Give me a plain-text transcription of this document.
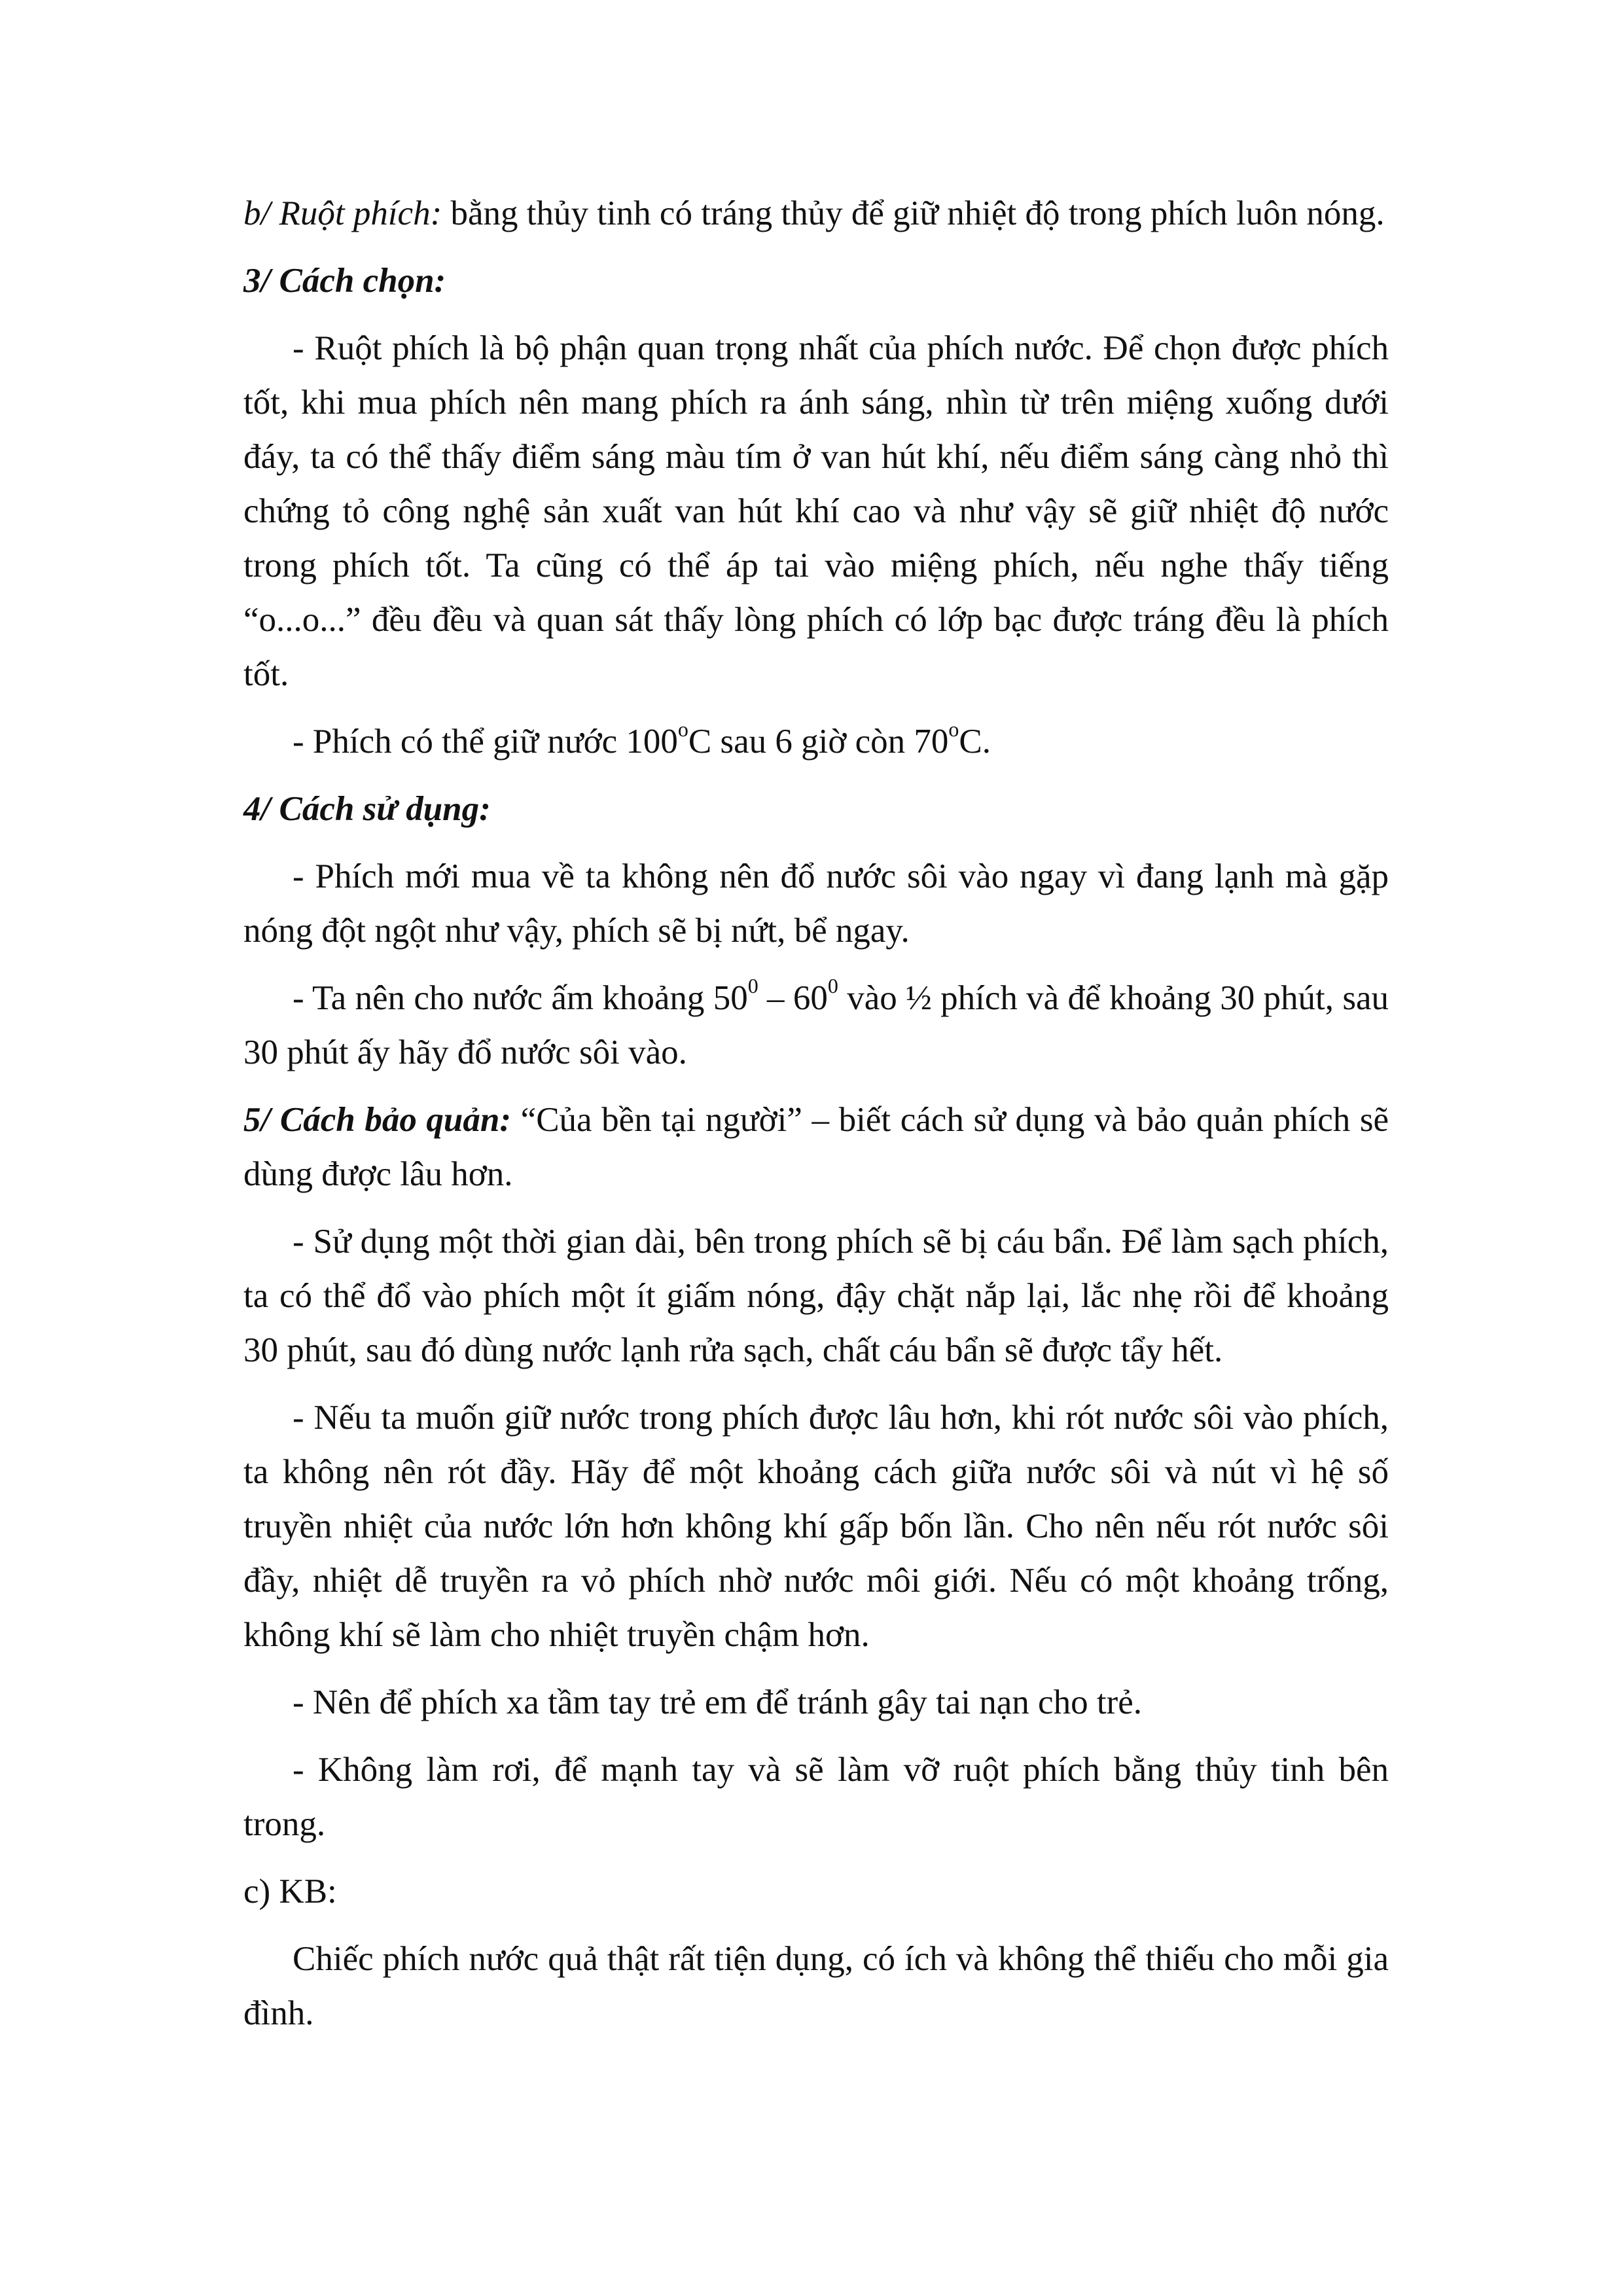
b/ Ruột phích: bằng thủy tinh có tráng thủy để giữ nhiệt độ trong phích luôn nóng.

3/ Cách chọn:

- Ruột phích là bộ phận quan trọng nhất của phích nước. Để chọn được phích tốt, khi mua phích nên mang phích ra ánh sáng, nhìn từ trên miệng xuống dưới đáy, ta có thể thấy điểm sáng màu tím ở van hút khí, nếu điểm sáng càng nhỏ thì chứng tỏ công nghệ sản xuất van hút khí cao và như vậy sẽ giữ nhiệt độ nước trong phích tốt. Ta cũng có thể áp tai vào miệng phích, nếu nghe thấy tiếng “o...o...” đều đều và quan sát thấy lòng phích có lớp bạc được tráng đều là phích tốt.

- Phích có thể giữ nước 100$^o$C sau 6 giờ còn 70$^o$C.

4/ Cách sử dụng:

- Phích mới mua về ta không nên đổ nước sôi vào ngay vì đang lạnh mà gặp nóng đột ngột như vậy, phích sẽ bị nứt, bể ngay.

- Ta nên cho nước ấm khoảng $50^0 - 60^0$ vào ½ phích và để khoảng 30 phút, sau 30 phút ấy hãy đổ nước sôi vào.

5/ Cách bảo quản: “Của bền tại người” – biết cách sử dụng và bảo quản phích sẽ dùng được lâu hơn.

- Sử dụng một thời gian dài, bên trong phích sẽ bị cáu bẩn. Để làm sạch phích, ta có thể đổ vào phích một ít giấm nóng, đậy chặt nắp lại, lắc nhẹ rồi để khoảng 30 phút, sau đó dùng nước lạnh rửa sạch, chất cáu bẩn sẽ được tẩy hết.

- Nếu ta muốn giữ nước trong phích được lâu hơn, khi rót nước sôi vào phích, ta không nên rót đầy. Hãy để một khoảng cách giữa nước sôi và nút vì hệ số truyền nhiệt của nước lớn hơn không khí gấp bốn lần. Cho nên nếu rót nước sôi đầy, nhiệt dễ truyền ra vỏ phích nhờ nước môi giới. Nếu có một khoảng trống, không khí sẽ làm cho nhiệt truyền chậm hơn.

- Nên để phích xa tầm tay trẻ em để tránh gây tai nạn cho trẻ.

- Không làm rơi, để mạnh tay và sẽ làm vỡ ruột phích bằng thủy tinh bên trong.

c) KB:

Chiếc phích nước quả thật rất tiện dụng, có ích và không thể thiếu cho mỗi gia đình.
